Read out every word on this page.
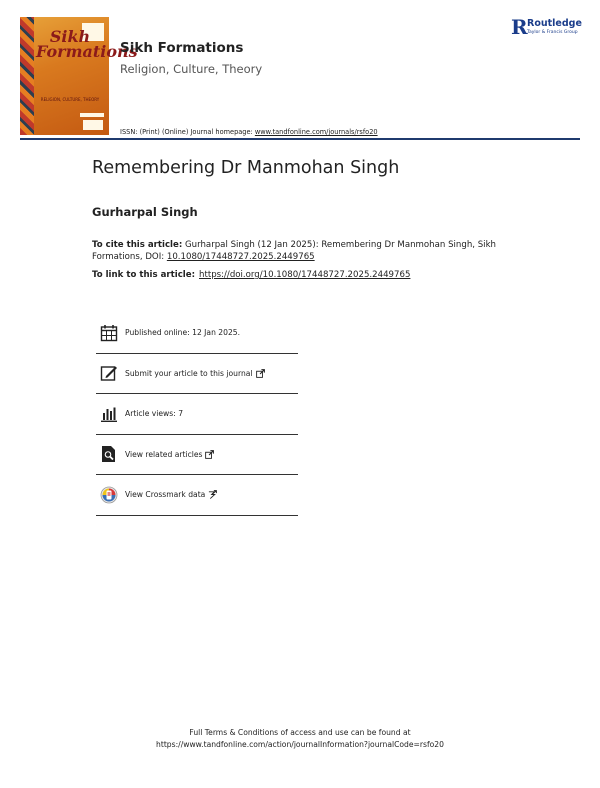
Sikh
Formations
RELIGION, CULTURE, THEORY
Sikh Formations
Religion, Culture, Theory
ISSN: (Print) (Online) Journal homepage: www.tandfonline.com/journals/rsfo20
R Routledge
Taylor & Francis Group
Remembering Dr Manmohan Singh
Gurharpal Singh
To cite this article: Gurharpal Singh (12 Jan 2025): Remembering Dr Manmohan Singh, Sikh Formations, DOI: 10.1080/17448727.2025.2449765
To link to this article: https://doi.org/10.1080/17448727.2025.2449765
Published online: 12 Jan 2025.
Submit your article to this journal
Article views: 7
View related articles
View Crossmark data
Full Terms & Conditions of access and use can be found at
https://www.tandfonline.com/action/journalInformation?journalCode=rsfo20
